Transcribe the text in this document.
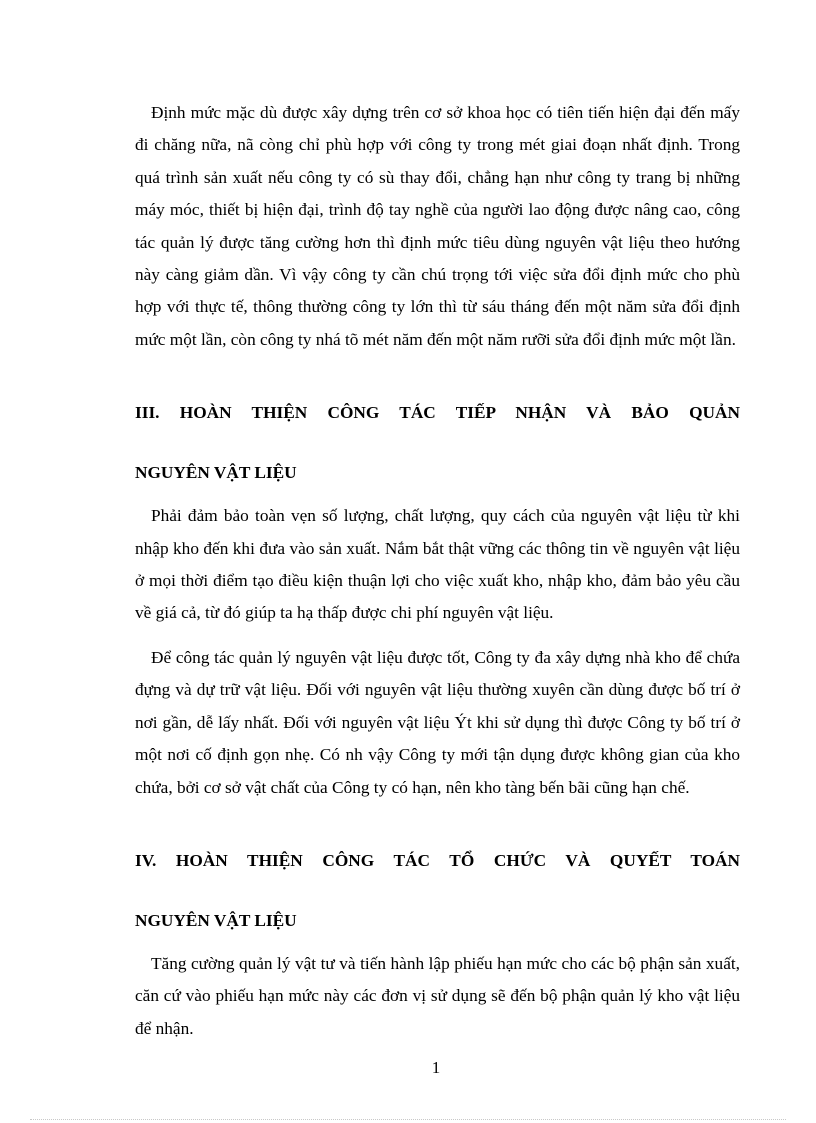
Định mức mặc dù được xây dựng trên cơ sở khoa học có tiên tiến hiện đại đến mấy đi chăng nữa, nã còng chỉ phù hợp với công ty trong mét giai đoạn nhất định. Trong quá trình sản xuất nếu công ty có sù thay đổi, chẳng hạn như công ty trang bị những máy móc, thiết bị hiện đại, trình độ tay nghề của người lao động được nâng cao, công tác quản lý được tăng cường hơn thì định mức tiêu dùng nguyên vật liệu theo hướng này càng giảm dần. Vì vậy công ty cần chú trọng tới việc sửa đổi định mức cho phù hợp với thực tế, thông thường công ty lớn thì từ sáu tháng đến một năm sửa đổi định mức một lần, còn công ty nhá tõ mét năm đến một năm rưỡi sửa đổi định mức một lần.

III. HOÀN THIỆN CÔNG TÁC TIẾP NHẬN VÀ BẢO QUẢN

NGUYÊN VẬT LIỆU

Phải đảm bảo toàn vẹn số lượng, chất lượng, quy cách của nguyên vật liệu từ khi nhập kho đến khi đưa vào sản xuất. Nắm bắt thật vững các thông tin về nguyên vật liệu ở mọi thời điểm tạo điều kiện thuận lợi cho việc xuất kho, nhập kho, đảm bảo yêu cầu về giá cả, từ đó giúp ta hạ thấp được chi phí nguyên vật liệu.

Để công tác quản lý nguyên vật liệu được tốt, Công ty đa xây dựng nhà kho để chứa đựng và dự trữ vật liệu. Đối với nguyên vật liệu thường xuyên cần dùng được bố trí ở nơi gần, dễ lấy nhất. Đối với nguyên vật liệu Ýt khi sử dụng thì được Công ty bố trí ở một nơi cố định gọn nhẹ. Có nh vậy Công ty mới tận dụng được không gian của kho chứa, bởi cơ sở vật chất của Công ty có hạn, nên kho tàng bến bãi cũng hạn chế.

IV. HOÀN THIỆN CÔNG TÁC TỔ CHỨC VÀ QUYẾT TOÁN

NGUYÊN VẬT LIỆU

Tăng cường quản lý vật tư và tiến hành lập phiếu hạn mức cho các bộ phận sản xuất, căn cứ vào phiếu hạn mức này các đơn vị sử dụng sẽ đến bộ phận quản lý kho vật liệu để nhận.

1
